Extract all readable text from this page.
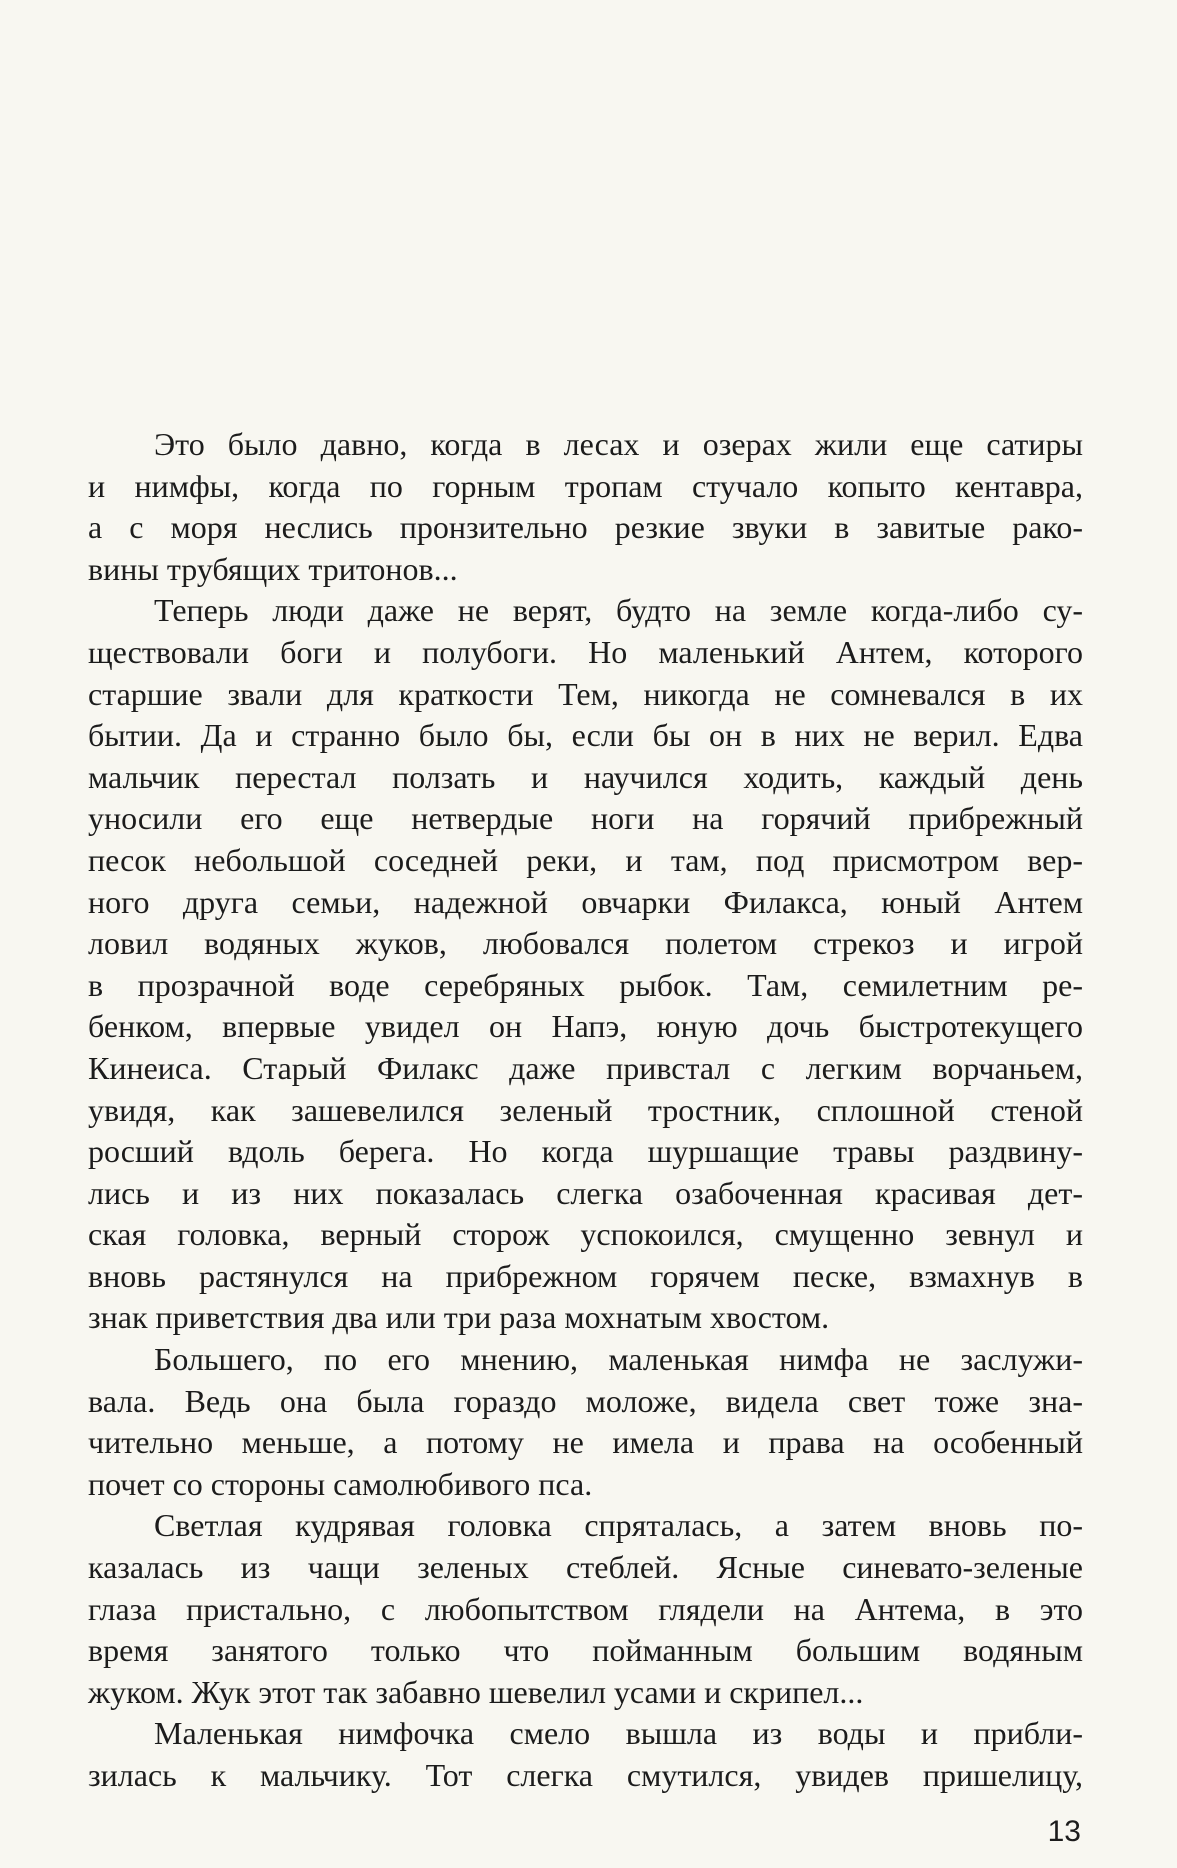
Это было давно, когда в лесах и озерах жили еще сатиры
и нимфы, когда по горным тропам стучало копыто кентавра,
а с моря неслись пронзительно резкие звуки в завитые рако-
вины трубящих тритонов...
Теперь люди даже не верят, будто на земле когда-либо су-
ществовали боги и полубоги. Но маленький Антем, которого
старшие звали для краткости Тем, никогда не сомневался в их
бытии. Да и странно было бы, если бы он в них не верил. Едва
мальчик перестал ползать и научился ходить, каждый день
уносили его еще нетвердые ноги на горячий прибрежный
песок небольшой соседней реки, и там, под присмотром вер-
ного друга семьи, надежной овчарки Филакса, юный Антем
ловил водяных жуков, любовался полетом стрекоз и игрой
в прозрачной воде серебряных рыбок. Там, семилетним ре-
бенком, впервые увидел он Напэ, юную дочь быстротекущего
Кинеиса. Старый Филакс даже привстал с легким ворчаньем,
увидя, как зашевелился зеленый тростник, сплошной стеной
росший вдоль берега. Но когда шуршащие травы раздвину-
лись и из них показалась слегка озабоченная красивая дет-
ская головка, верный сторож успокоился, смущенно зевнул и
вновь растянулся на прибрежном горячем песке, взмахнув в
знак приветствия два или три раза мохнатым хвостом.
Большего, по его мнению, маленькая нимфа не заслужи-
вала. Ведь она была гораздо моложе, видела свет тоже зна-
чительно меньше, а потому не имела и права на особенный
почет со стороны самолюбивого пса.
Светлая кудрявая головка спряталась, а затем вновь по-
казалась из чащи зеленых стеблей. Ясные синевато-зеленые
глаза пристально, с любопытством глядели на Антема, в это
время занятого только что пойманным большим водяным
жуком. Жук этот так забавно шевелил усами и скрипел...
Маленькая нимфочка смело вышла из воды и прибли-
зилась к мальчику. Тот слегка смутился, увидев пришелицу,
13
